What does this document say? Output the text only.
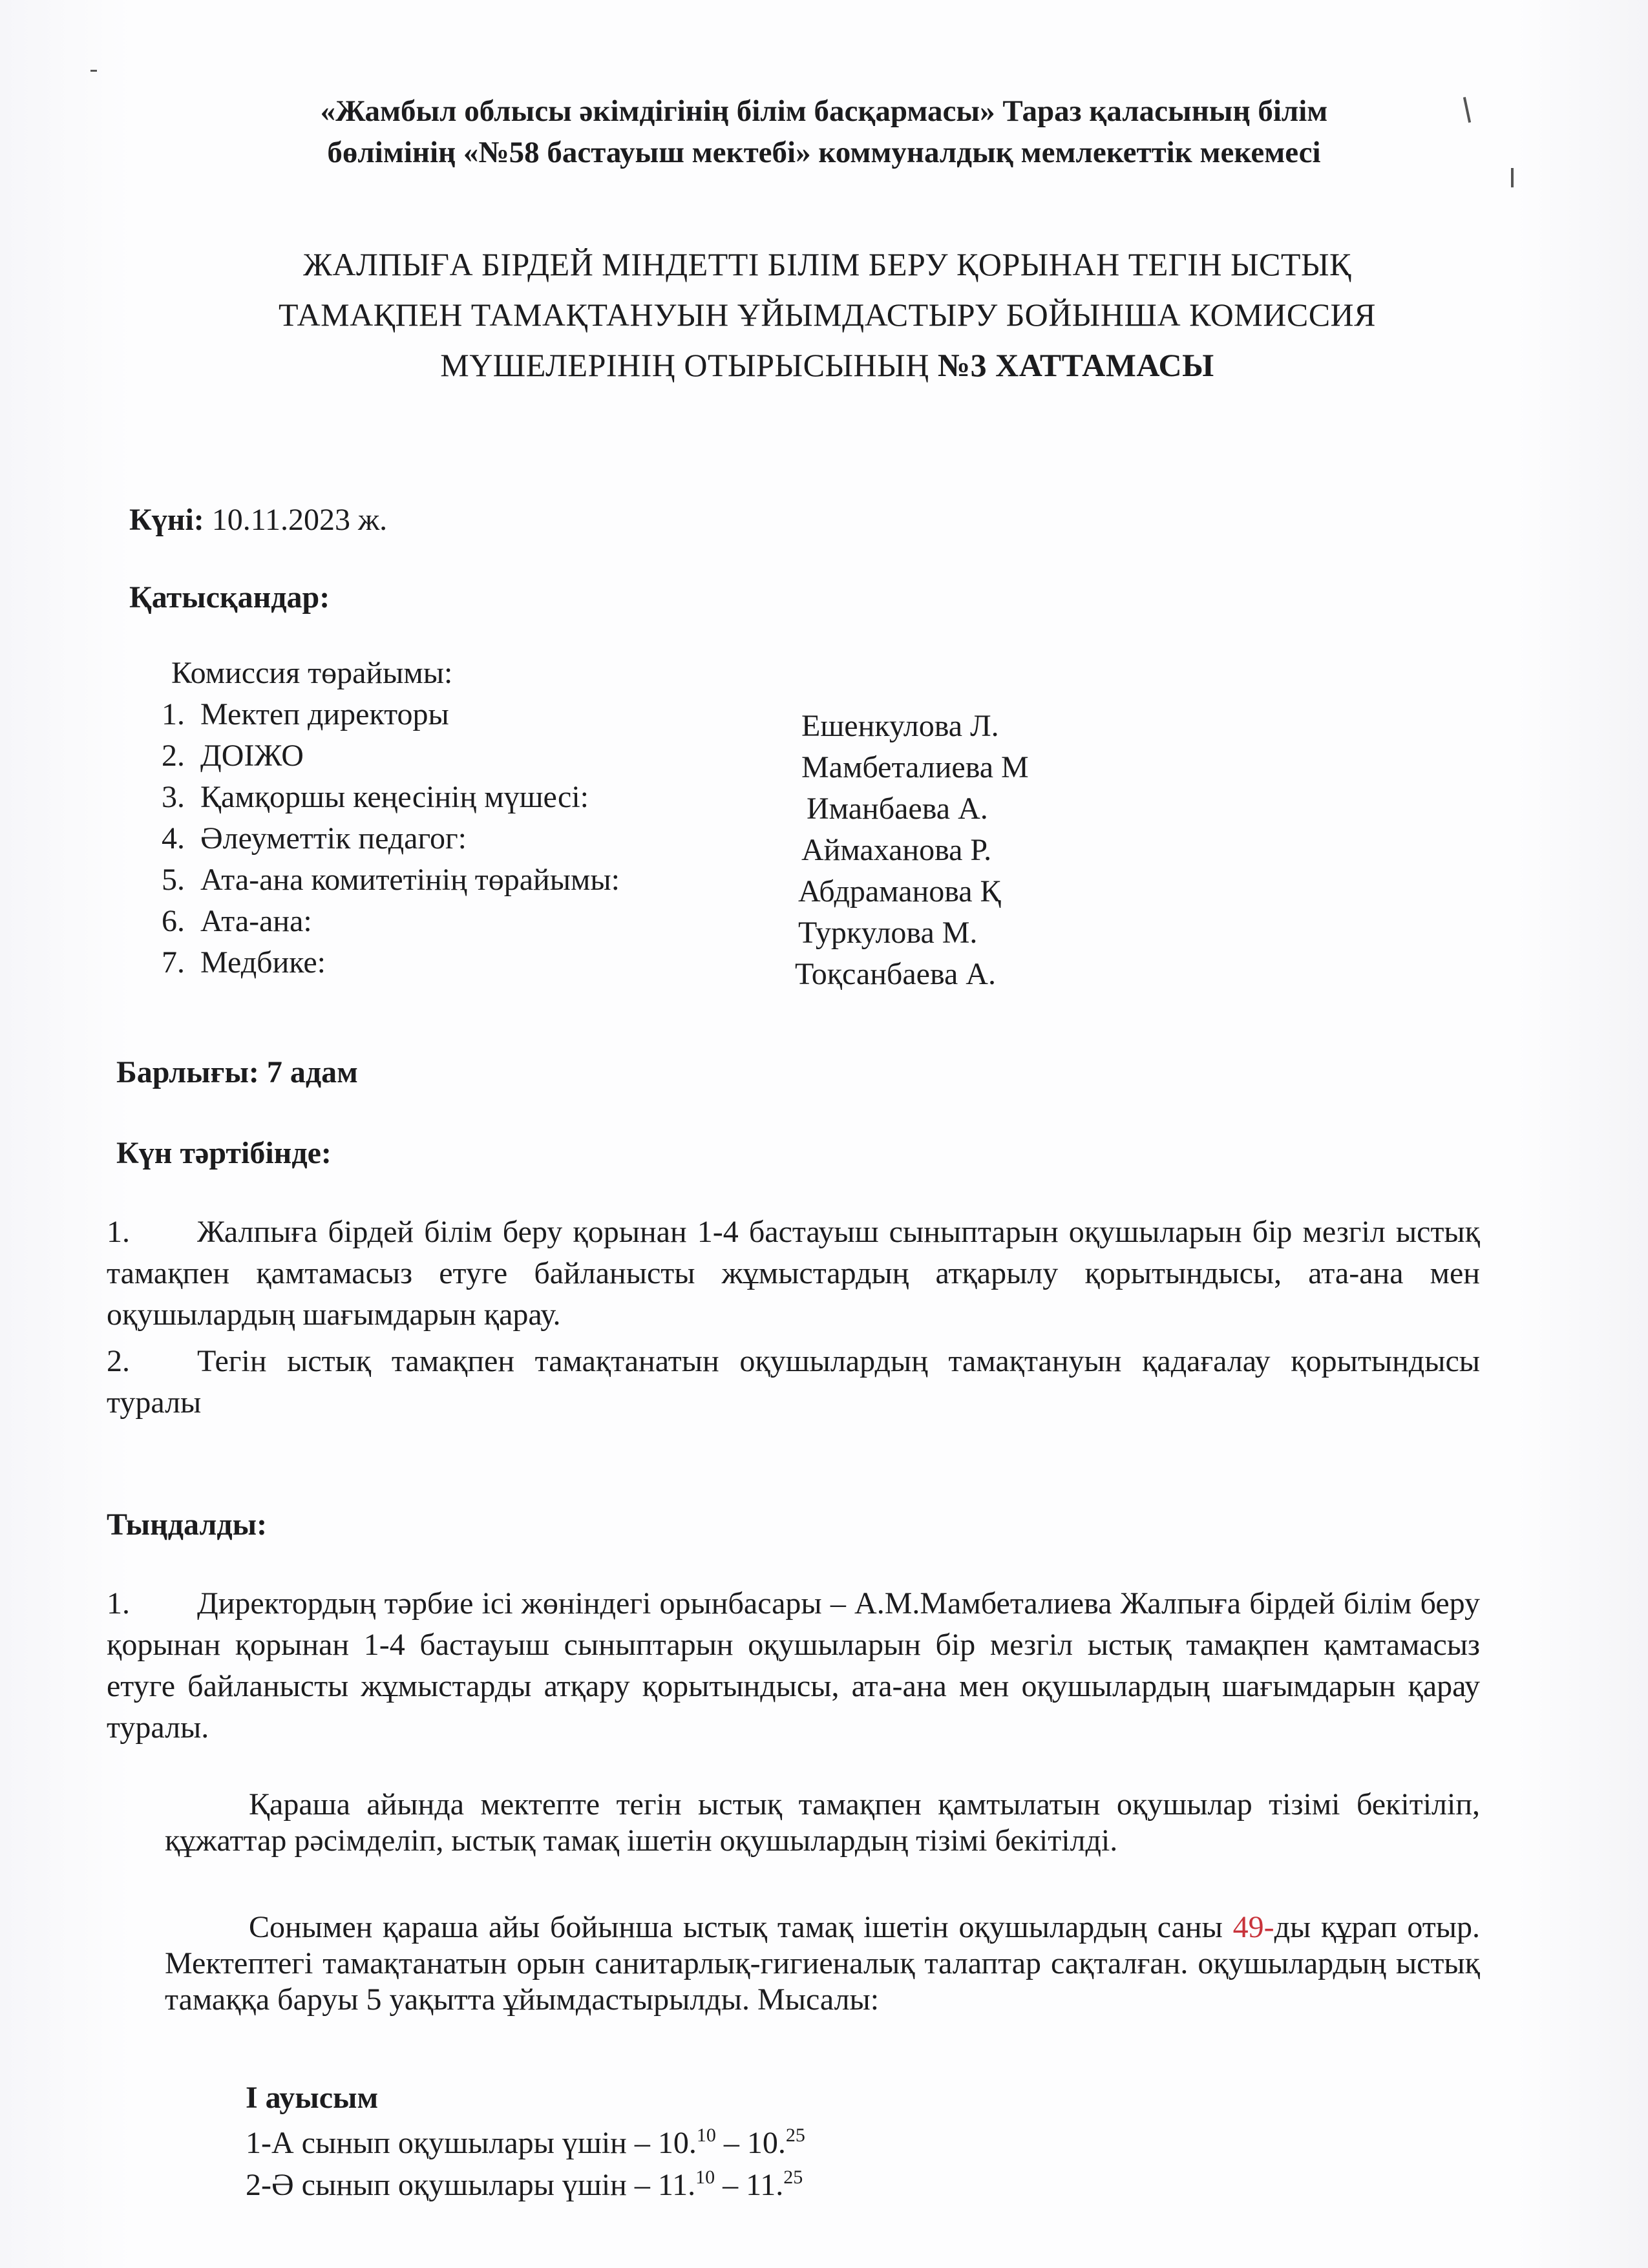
«Жамбыл облысы әкімдігінің білім басқармасы» Тараз қаласының білім
бөлімінің «№58 бастауыш мектебі» коммуналдық мемлекеттік мекемесі
ЖАЛПЫҒА БІРДЕЙ МІНДЕТТІ БІЛІМ БЕРУ ҚОРЫНАН ТЕГІН ЫСТЫҚ
ТАМАҚПЕН ТАМАҚТАНУЫН ҰЙЫМДАСТЫРУ БОЙЫНША КОМИССИЯ
МҮШЕЛЕРІНІҢ ОТЫРЫСЫНЫҢ №3 ХАТТАМАСЫ
Күні: 10.11.2023 ж.
Қатысқандар:
Комиссия төрайымы:
1. Мектеп директоры	Ешенкулова Л.
2. ДОІЖО	Мамбеталиева М
3. Қамқоршы кеңесінің мүшесі:	Иманбаева А.
4. Әлеуметтік педагог:	Аймаханова Р.
5. Ата-ана комитетінің төрайымы:	Абдраманова Қ
6. Ата-ана:	Туркулова М.
7. Медбике:	Тоқсанбаева А.
Барлығы: 7 адам
Күн тәртібінде:
1. Жалпыға бірдей білім беру қорынан 1-4 бастауыш сыныптарын оқушыларын бір мезгіл ыстық тамақпен қамтамасыз етуге байланысты жұмыстардың атқарылу қорытындысы, ата-ана мен оқушылардың шағымдарын қарау.
2. Тегін ыстық тамақпен тамақтанатын оқушылардың тамақтануын қадағалау қорытындысы туралы
Тыңдалды:
1. Директордың тәрбие ісі жөніндегі орынбасары – А.М.Мамбеталиева Жалпыға бірдей білім беру қорынан қорынан 1-4 бастауыш сыныптарын оқушыларын бір мезгіл ыстық тамақпен қамтамасыз етуге байланысты жұмыстарды атқару қорытындысы, ата-ана мен оқушылардың шағымдарын қарау туралы.
Қараша айында мектепте тегін ыстық тамақпен қамтылатын оқушылар тізімі бекітіліп, құжаттар рәсімделіп, ыстық тамақ ішетін оқушылардың тізімі бекітілді.
Сонымен қараша айы бойынша ыстық тамақ ішетін оқушылардың саны 49-ды құрап отыр. Мектептегі тамақтанатын орын санитарлық-гигиеналық талаптар сақталған. оқушылардың ыстық тамаққа баруы 5 уақытта ұйымдастырылды. Мысалы:
I ауысым
1-А сынып оқушылары үшін – 10.10 – 10.25
2-Ә сынып оқушылары үшін – 11.10 – 11.25
